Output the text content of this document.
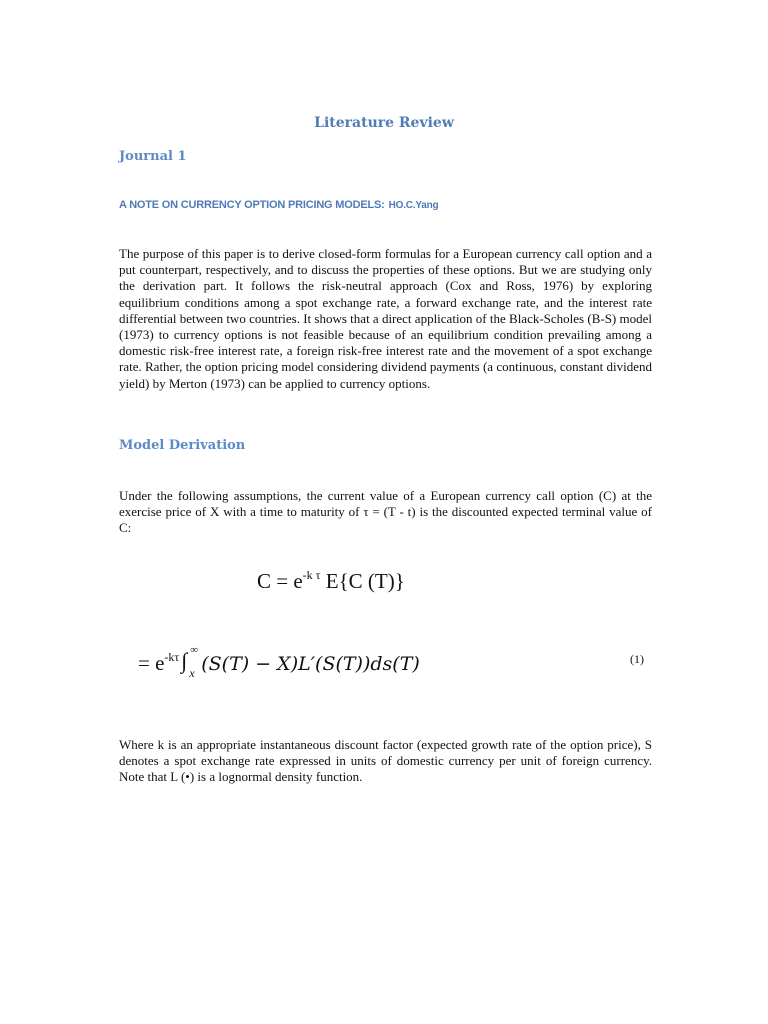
Literature Review
Journal 1
A NOTE ON CURRENCY OPTION PRICING MODELS: HO.C.Yang
The purpose of this paper is to derive closed-form formulas for a European currency call option and a put counterpart, respectively, and to discuss the properties of these options. But we are studying only the derivation part. It follows the risk-neutral approach (Cox and Ross, 1976) by exploring equilibrium conditions among a spot exchange rate, a forward exchange rate, and the interest rate differential between two countries. It shows that a direct application of the Black-Scholes (B-S) model (1973) to currency options is not feasible because of an equilibrium condition prevailing among a domestic risk-free interest rate, a foreign risk-free interest rate and the movement of a spot exchange rate. Rather, the option pricing model considering dividend payments (a continuous, constant dividend yield) by Merton (1973) can be applied to currency options.
Model Derivation
Under the following assumptions, the current value of a European currency call option (C) at the exercise price of X with a time to maturity of τ = (T - t) is the discounted expected terminal value of C:
$C = e^{-k \tau}$ E{C (T)}
= $e^{-k\tau}$ ∫ ∞
x (S(T) − X)L′(S(T))ds(T)	(1)
Where k is an appropriate instantaneous discount factor (expected growth rate of the option price), S denotes a spot exchange rate expressed in units of domestic currency per unit of foreign currency. Note that L (•) is a lognormal density function.
